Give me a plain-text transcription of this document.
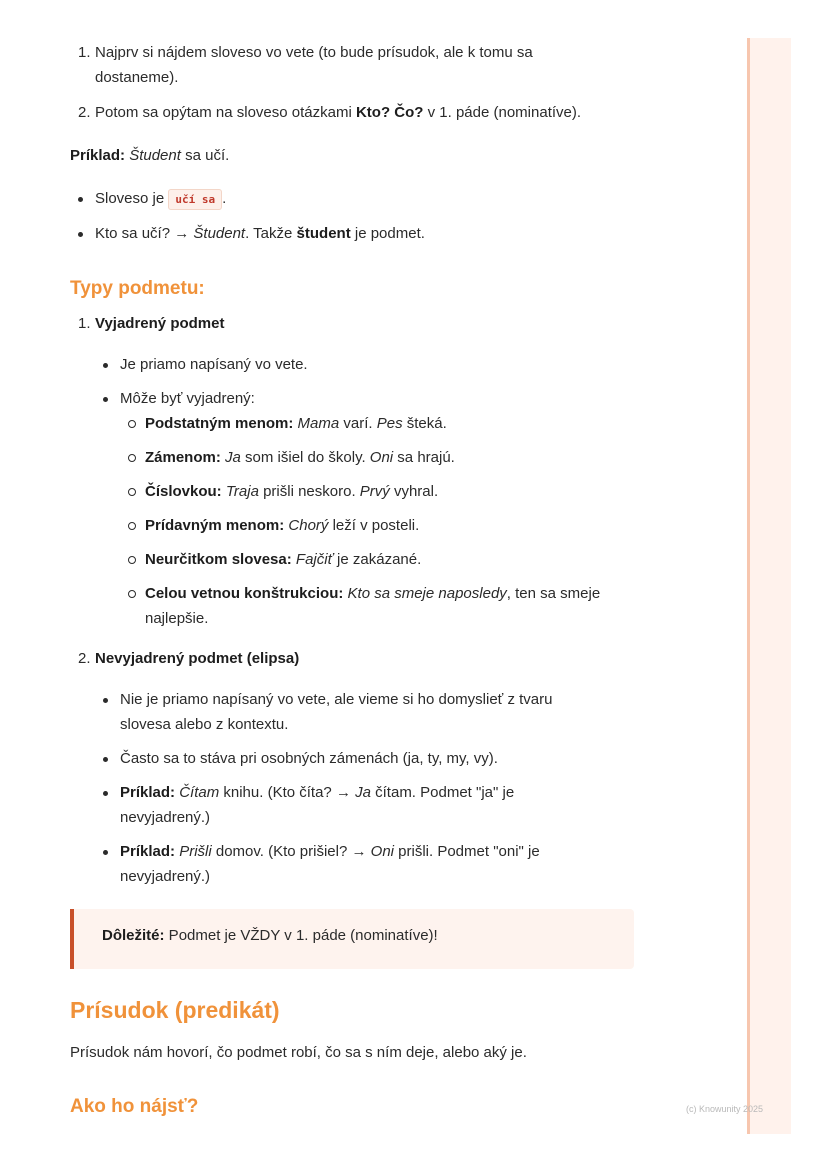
1. Najprv si nájdem sloveso vo vete (to bude prísudok, ale k tomu sa
dostaneme).
2. Potom sa opýtam na sloveso otázkami Kto? Čo? v 1. páde (nominatíve).

Príklad: Študent sa učí.

Sloveso je učí sa .
Kto sa učí? → Študent. Takže študent je podmet.
Typy podmetu:
1. Vyjadrený podmet
Je priamo napísaný vo vete.
Môže byť vyjadrený:
Podstatným menom: Mama varí. Pes šteká.
Zámenom: Ja som išiel do školy. Oni sa hrajú.
Číslovkou: Traja prišli neskoro. Prvý vyhral.
Prídavným menom: Chorý leží v posteli.
Neurčitkom slovesa: Fajčiť je zakázané.
Celou vetnou konštrukciou: Kto sa smeje naposledy, ten sa smeje
najlepšie.
2. Nevyjadrený podmet (elipsa)
Nie je priamo napísaný vo vete, ale vieme si ho domyslieť z tvaru
slovesa alebo z kontextu.
Často sa to stáva pri osobných zámenách (ja, ty, my, vy).
Príklad: Čítam knihu. (Kto číta? → Ja čítam. Podmet "ja" je
nevyjadrený.)
Príklad: Prišli domov. (Kto prišiel? → Oni prišli. Podmet "oni" je
nevyjadrený.)
Dôležité: Podmet je VŽDY v 1. páde (nominatíve)!
Prísudok (predikát)

Prísudok nám hovorí, čo podmet robí, čo sa s ním deje, alebo aký je.

Ako ho nájsť?	(c) Knowunity 2025
